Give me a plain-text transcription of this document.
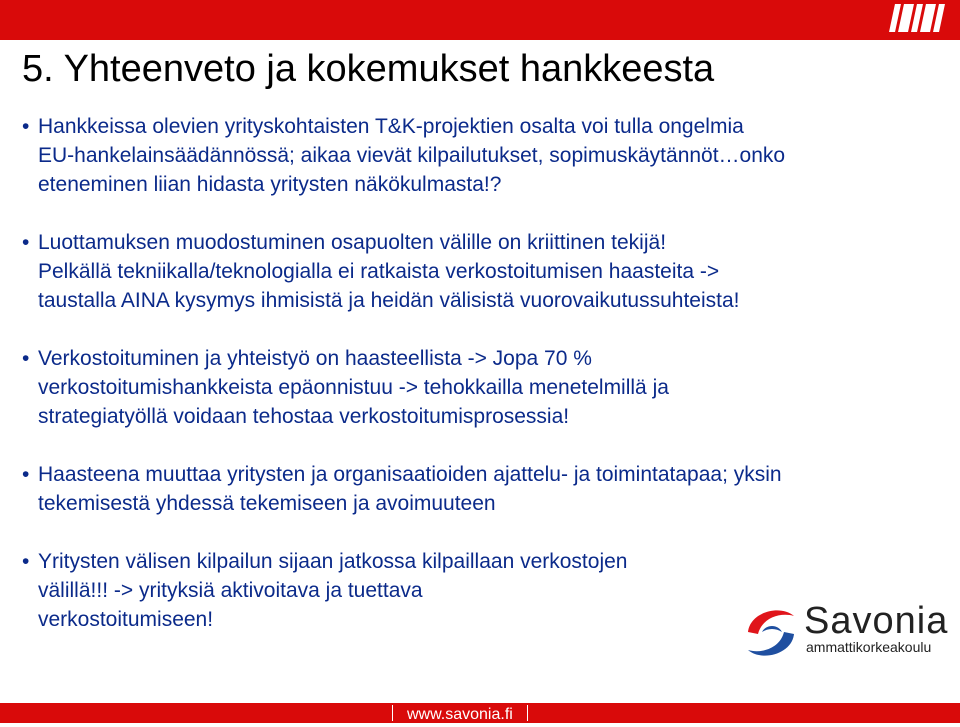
5. Yhteenveto ja kokemukset hankkeesta
• Hankkeissa olevien yrityskohtaisten T&K-projektien osalta voi tulla ongelmia
EU-hankelainsäädännössä; aikaa vievät kilpailutukset, sopimuskäytännöt…onko
eteneminen liian hidasta yritysten näkökulmasta!?
• Luottamuksen muodostuminen osapuolten välille on kriittinen tekijä!
Pelkällä tekniikalla/teknologialla ei ratkaista verkostoitumisen haasteita ->
taustalla AINA kysymys ihmisistä ja heidän välisistä vuorovaikutussuhteista!
• Verkostoituminen ja yhteistyö on haasteellista -> Jopa 70 %
verkostoitumishankkeista epäonnistuu -> tehokkailla menetelmillä ja
strategiatyöllä voidaan tehostaa verkostoitumisprosessia!
• Haasteena muuttaa yritysten ja organisaatioiden ajattelu- ja toimintatapaa; yksin
tekemisestä yhdessä tekemiseen ja avoimuuteen
• Yritysten välisen kilpailun sijaan jatkossa kilpaillaan verkostojen
välillä!!! -> yrityksiä aktivoitava ja tuettava
verkostoitumiseen!	Savonia
ammattikorkeakoulu
www.savonia.fi
